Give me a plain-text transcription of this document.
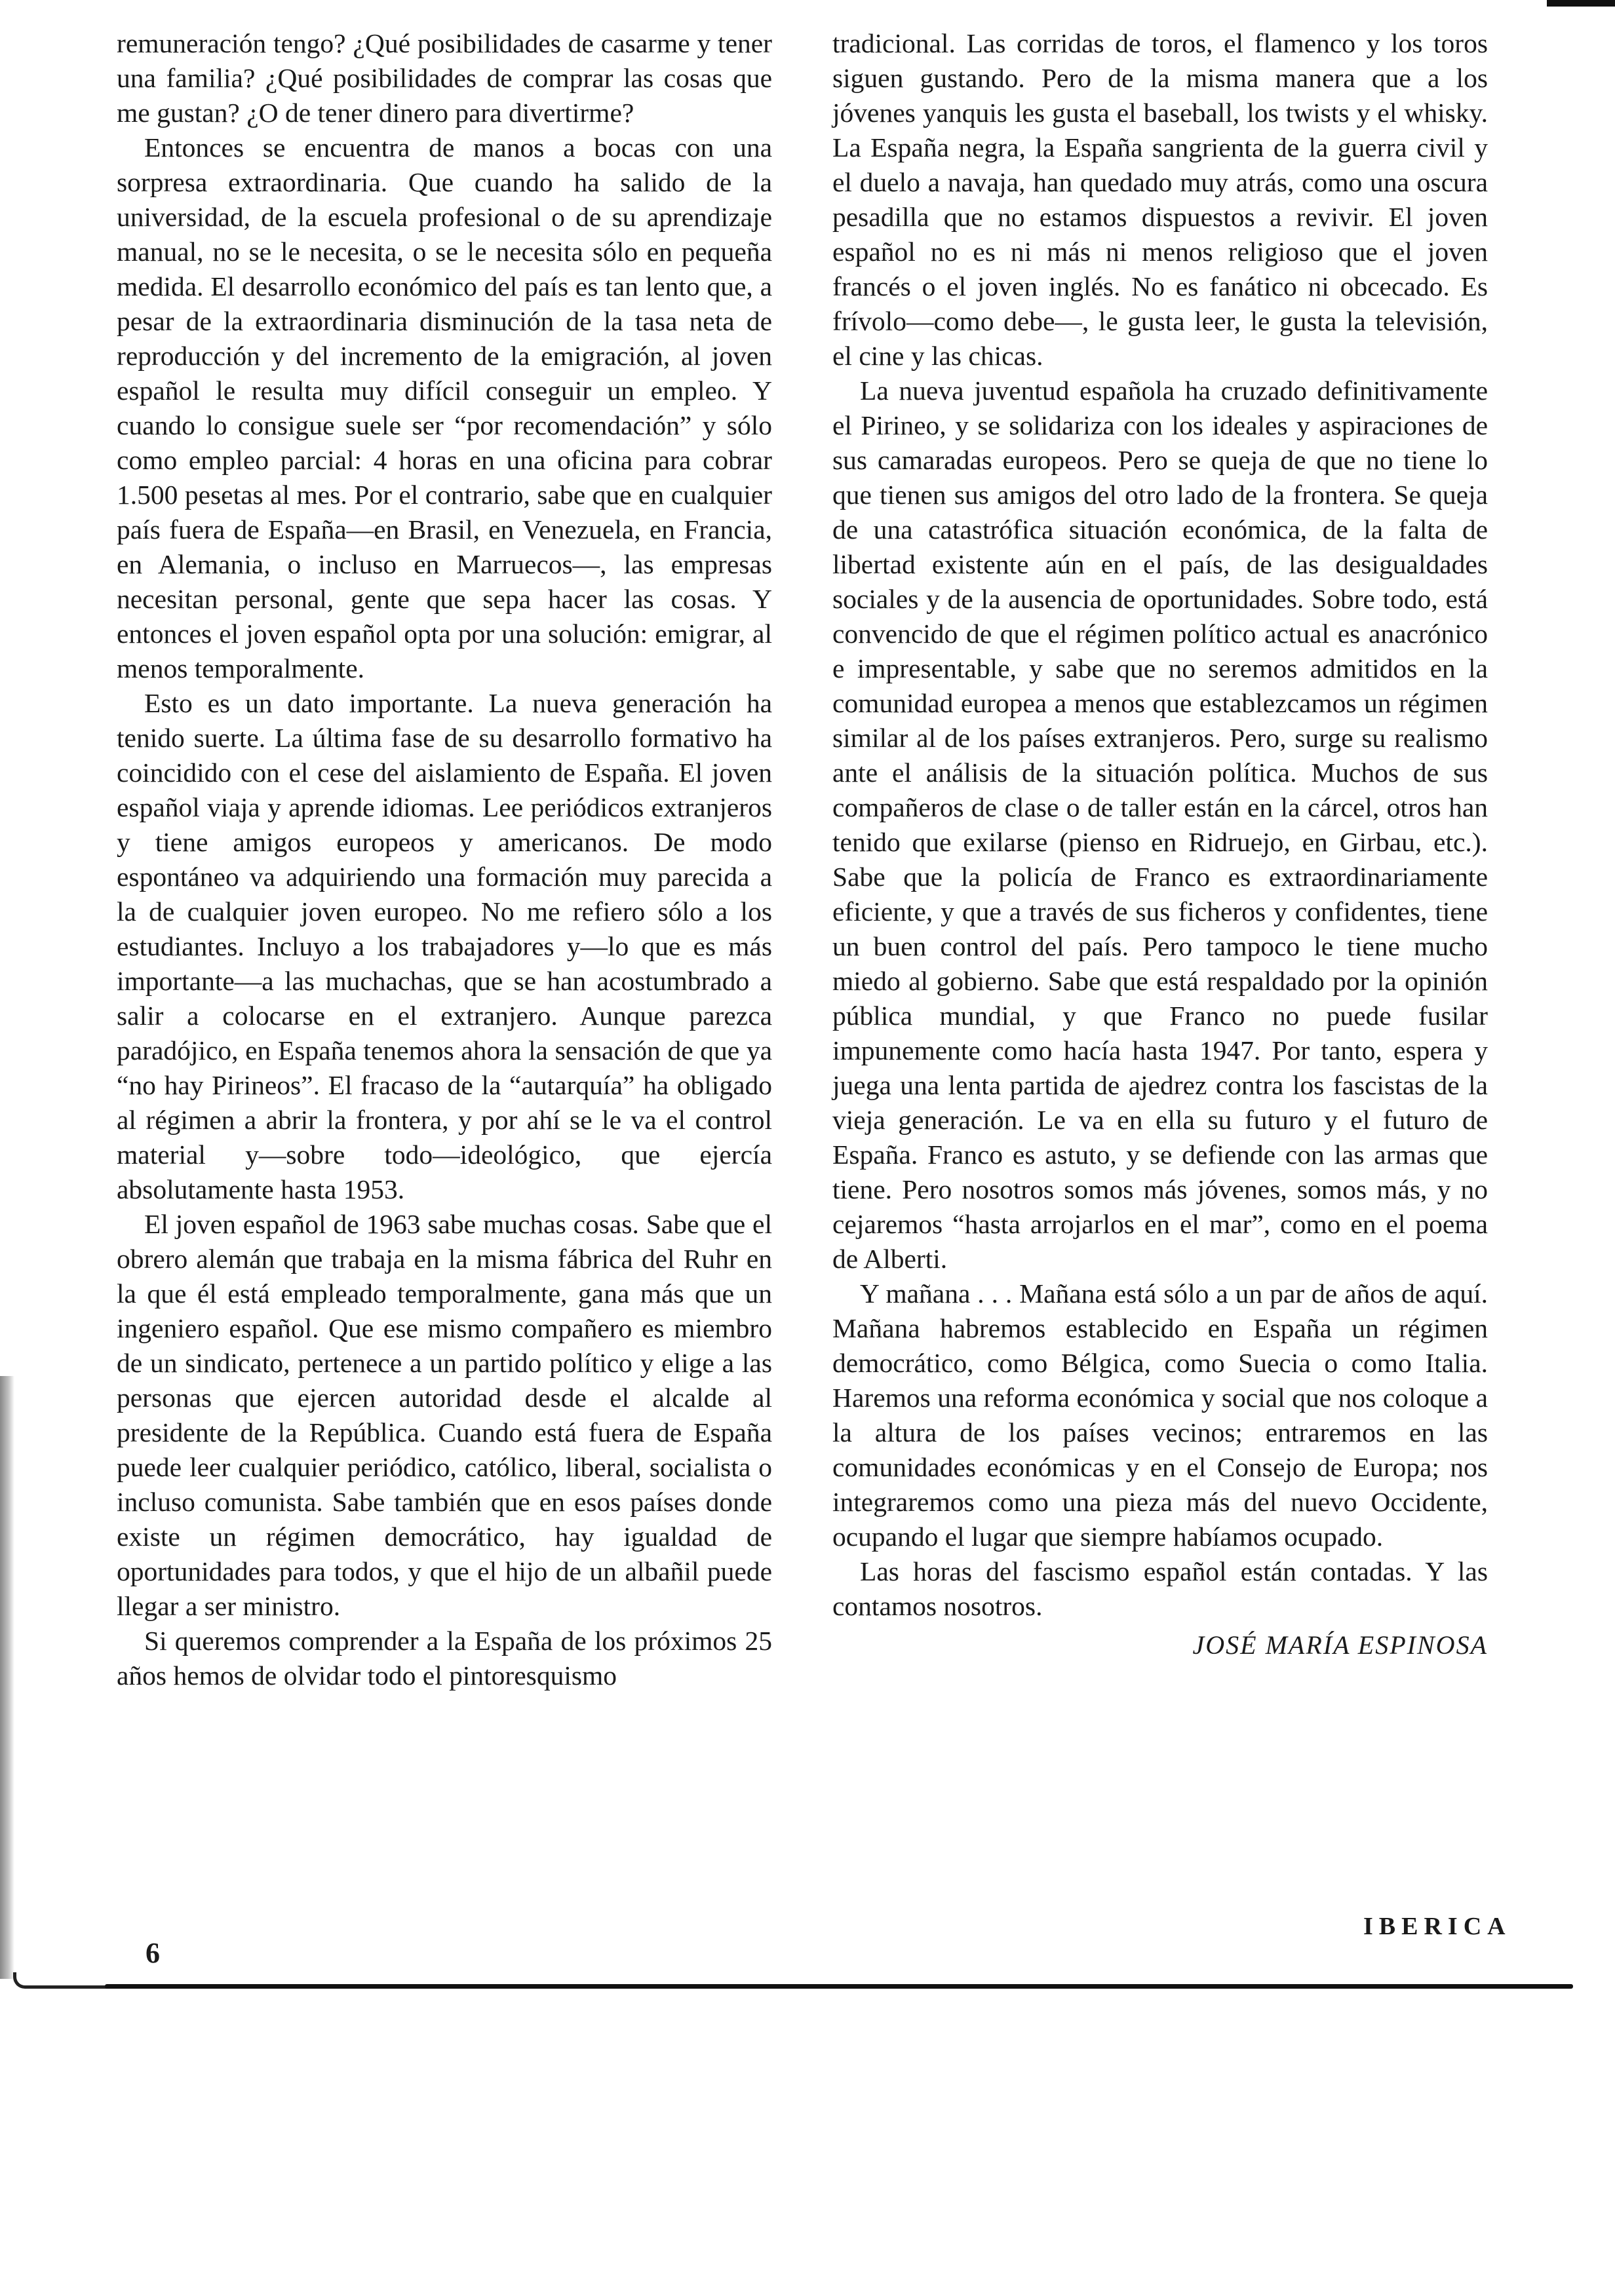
remuneración tengo? ¿Qué posibilidades de casarme y tener una familia? ¿Qué posibilidades de comprar las cosas que me gustan? ¿O de tener dinero para divertirme?

Entonces se encuentra de manos a bocas con una sorpresa extraordinaria. Que cuando ha salido de la universidad, de la escuela profesional o de su aprendizaje manual, no se le necesita, o se le necesita sólo en pequeña medida. El desarrollo económico del país es tan lento que, a pesar de la extraordinaria disminución de la tasa neta de reproducción y del incremento de la emigración, al joven español le resulta muy difícil conseguir un empleo. Y cuando lo consigue suele ser “por recomendación” y sólo como empleo parcial: 4 horas en una oficina para cobrar 1.500 pesetas al mes. Por el contrario, sabe que en cualquier país fuera de España—en Brasil, en Venezuela, en Francia, en Alemania, o incluso en Marruecos—, las empresas necesitan personal, gente que sepa hacer las cosas. Y entonces el joven español opta por una solución: emigrar, al menos temporalmente.

Esto es un dato importante. La nueva generación ha tenido suerte. La última fase de su desarrollo formativo ha coincidido con el cese del aislamiento de España. El joven español viaja y aprende idiomas. Lee periódicos extranjeros y tiene amigos europeos y americanos. De modo espontáneo va adquiriendo una formación muy parecida a la de cualquier joven europeo. No me refiero sólo a los estudiantes. Incluyo a los trabajadores y—lo que es más importante—a las muchachas, que se han acostumbrado a salir a colocarse en el extranjero. Aunque parezca paradójico, en España tenemos ahora la sensación de que ya “no hay Pirineos”. El fracaso de la “autarquía” ha obligado al régimen a abrir la frontera, y por ahí se le va el control material y—sobre todo—ideológico, que ejercía absolutamente hasta 1953.

El joven español de 1963 sabe muchas cosas. Sabe que el obrero alemán que trabaja en la misma fábrica del Ruhr en la que él está empleado temporalmente, gana más que un ingeniero español. Que ese mismo compañero es miembro de un sindicato, pertenece a un partido político y elige a las personas que ejercen autoridad desde el alcalde al presidente de la República. Cuando está fuera de España puede leer cualquier periódico, católico, liberal, socialista o incluso comunista. Sabe también que en esos países donde existe un régimen democrático, hay igualdad de oportunidades para todos, y que el hijo de un albañil puede llegar a ser ministro.

Si queremos comprender a la España de los próximos 25 años hemos de olvidar todo el pintoresquismo

tradicional. Las corridas de toros, el flamenco y los toros siguen gustando. Pero de la misma manera que a los jóvenes yanquis les gusta el baseball, los twists y el whisky. La España negra, la España sangrienta de la guerra civil y el duelo a navaja, han quedado muy atrás, como una oscura pesadilla que no estamos dispuestos a revivir. El joven español no es ni más ni menos religioso que el joven francés o el joven inglés. No es fanático ni obcecado. Es frívolo—como debe—, le gusta leer, le gusta la televisión, el cine y las chicas.

La nueva juventud española ha cruzado definitivamente el Pirineo, y se solidariza con los ideales y aspiraciones de sus camaradas europeos. Pero se queja de que no tiene lo que tienen sus amigos del otro lado de la frontera. Se queja de una catastrófica situación económica, de la falta de libertad existente aún en el país, de las desigualdades sociales y de la ausencia de oportunidades. Sobre todo, está convencido de que el régimen político actual es anacrónico e impresentable, y sabe que no seremos admitidos en la comunidad europea a menos que establezcamos un régimen similar al de los países extranjeros. Pero, surge su realismo ante el análisis de la situación política. Muchos de sus compañeros de clase o de taller están en la cárcel, otros han tenido que exilarse (pienso en Ridruejo, en Girbau, etc.). Sabe que la policía de Franco es extraordinariamente eficiente, y que a través de sus ficheros y confidentes, tiene un buen control del país. Pero tampoco le tiene mucho miedo al gobierno. Sabe que está respaldado por la opinión pública mundial, y que Franco no puede fusilar impunemente como hacía hasta 1947. Por tanto, espera y juega una lenta partida de ajedrez contra los fascistas de la vieja generación. Le va en ella su futuro y el futuro de España. Franco es astuto, y se defiende con las armas que tiene. Pero nosotros somos más jóvenes, somos más, y no cejaremos “hasta arrojarlos en el mar”, como en el poema de Alberti.

Y mañana . . . Mañana está sólo a un par de años de aquí. Mañana habremos establecido en España un régimen democrático, como Bélgica, como Suecia o como Italia. Haremos una reforma económica y social que nos coloque a la altura de los países vecinos; entraremos en las comunidades económicas y en el Consejo de Europa; nos integraremos como una pieza más del nuevo Occidente, ocupando el lugar que siempre habíamos ocupado.

Las horas del fascismo español están contadas. Y las contamos nosotros.

JOSÉ MARÍA ESPINOSA
IBERICA
6
